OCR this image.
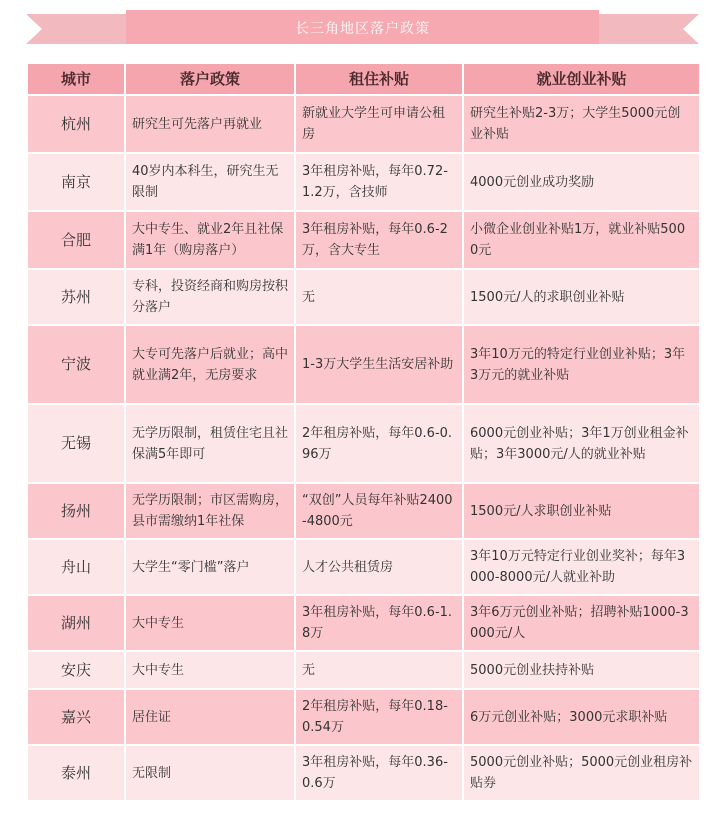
长三角地区落户政策
城市	落户政策	租住补贴	就业创业补贴
杭州	研究生可先落户再就业	新就业大学生可申请公租房	研究生补贴2-3万；大学生5000元创业补贴
南京	40岁内本科生，研究生无限制	3年租房补贴，每年0.72-1.2万，含技师	4000元创业成功奖励
合肥	大中专生、就业2年且社保满1年（购房落户）	3年租房补贴，每年0.6-2万，含大专生	小微企业创业补贴1万，就业补贴5000元
苏州	专科，投资经商和购房按积分落户	无	1500元/人的求职创业补贴
宁波	大专可先落户后就业；高中就业满2年，无房要求	1-3万大学生生活安居补助	3年10万元的特定行业创业补贴；3年3万元的就业补贴
无锡	无学历限制，租赁住宅且社保满5年即可	2年租房补贴，每年0.6-0.96万	6000元创业补贴；3年1万创业租金补贴；3年3000元/人的就业补贴
扬州	无学历限制；市区需购房，县市需缴纳1年社保	“双创”人员每年补贴2400-4800元	1500元/人求职创业补贴
舟山	大学生“零门槛”落户	人才公共租赁房	3年10万元特定行业创业奖补；每年3000-8000元/人就业补助
湖州	大中专生	3年租房补贴，每年0.6-1.8万	3年6万元创业补贴；招聘补贴1000-3000元/人
安庆	大中专生	无	5000元创业扶持补贴
嘉兴	居住证	2年租房补贴，每年0.18-0.54万	6万元创业补贴；3000元求职补贴
泰州	无限制	3年租房补贴，每年0.36-0.6万	5000元创业补贴；5000元创业租房补贴券
